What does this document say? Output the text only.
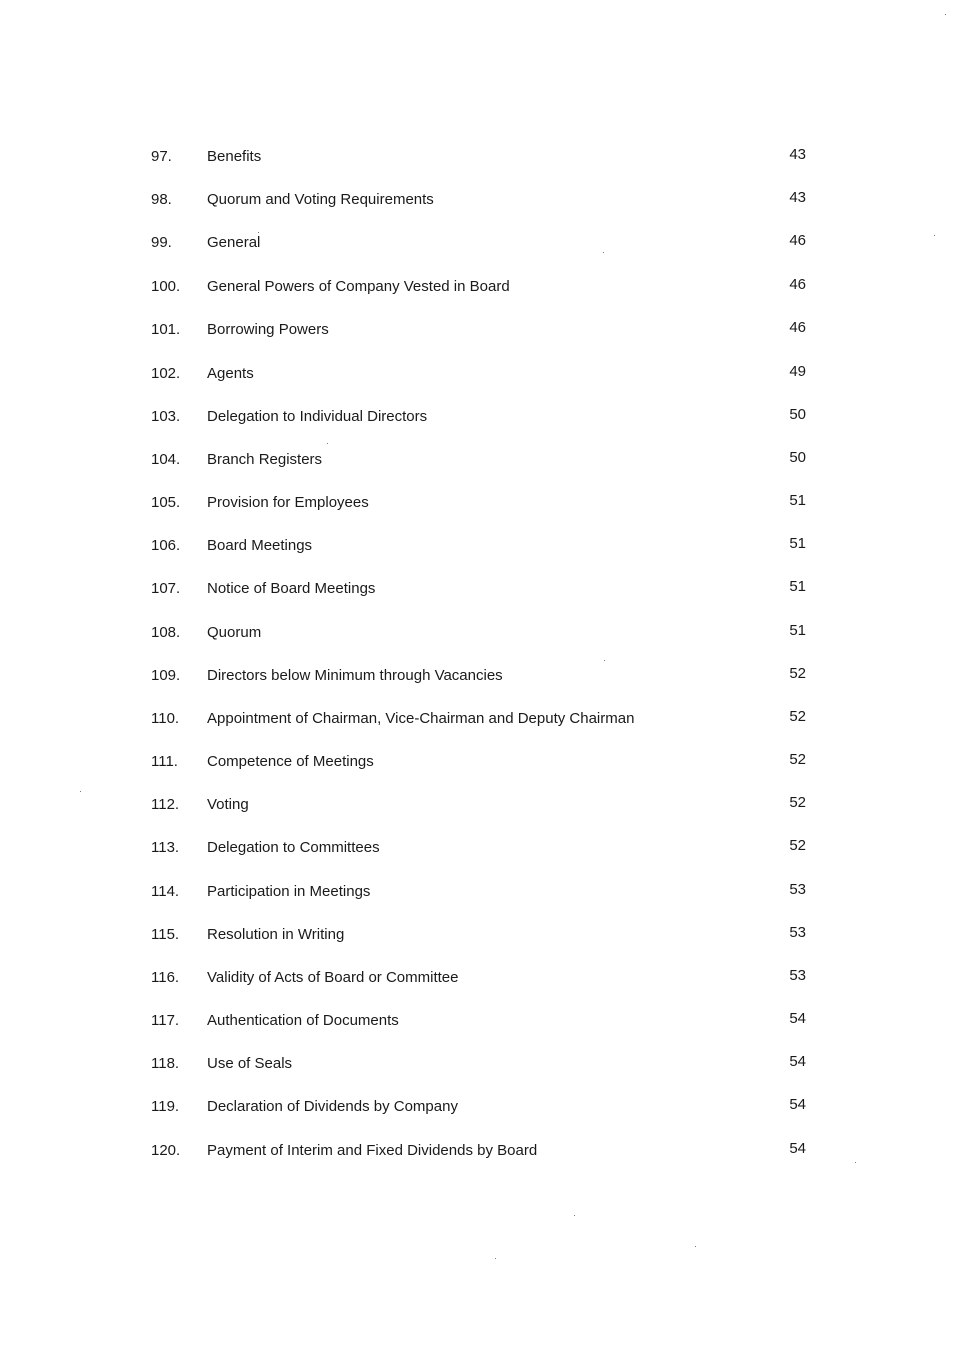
97. Benefits	43
98. Quorum and Voting Requirements	43
99. General	46
100. General Powers of Company Vested in Board	46
101. Borrowing Powers	46
102. Agents	49
103. Delegation to Individual Directors	50
104. Branch Registers	50
105. Provision for Employees	51
106. Board Meetings	51
107. Notice of Board Meetings	51
108. Quorum	51
109. Directors below Minimum through Vacancies	52
110. Appointment of Chairman, Vice-Chairman and Deputy Chairman	52
111. Competence of Meetings	52
112. Voting	52
113. Delegation to Committees	52
114. Participation in Meetings	53
115. Resolution in Writing	53
116. Validity of Acts of Board or Committee	53
117. Authentication of Documents	54
118. Use of Seals	54
119. Declaration of Dividends by Company	54
120. Payment of Interim and Fixed Dividends by Board	54
